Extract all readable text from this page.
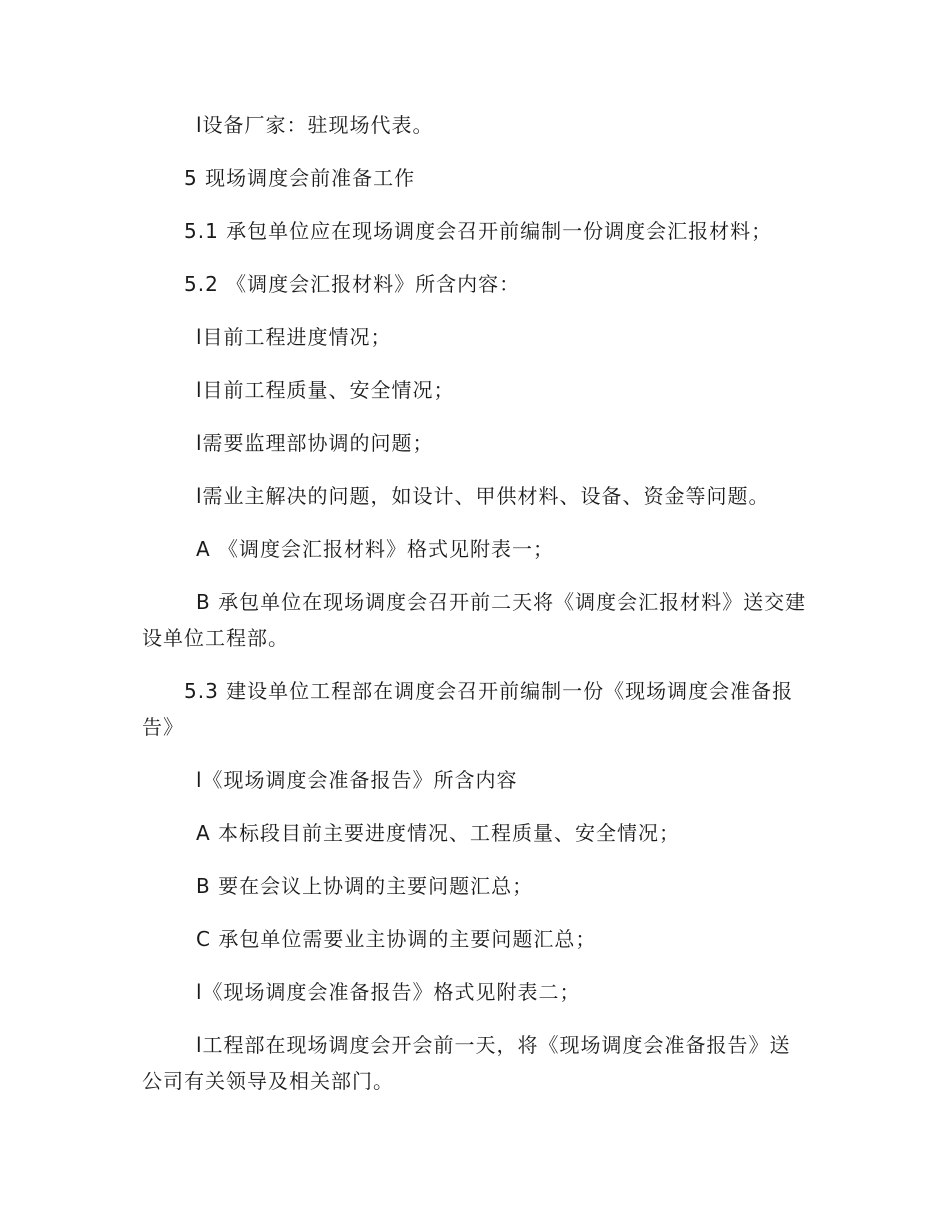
l设备厂家：驻现场代表。
5 现场调度会前准备工作
5.1 承包单位应在现场调度会召开前编制一份调度会汇报材料；
5.2 《调度会汇报材料》所含内容：
l目前工程进度情况；
l目前工程质量、安全情况；
l需要监理部协调的问题；
l需业主解决的问题，如设计、甲供材料、设备、资金等问题。
A 《调度会汇报材料》格式见附表一；
B 承包单位在现场调度会召开前二天将《调度会汇报材料》送交建设单位工程部。
5.3 建设单位工程部在调度会召开前编制一份《现场调度会准备报告》
l《现场调度会准备报告》所含内容
A 本标段目前主要进度情况、工程质量、安全情况；
B 要在会议上协调的主要问题汇总；
C 承包单位需要业主协调的主要问题汇总；
l《现场调度会准备报告》格式见附表二；
l工程部在现场调度会开会前一天，将《现场调度会准备报告》送公司有关领导及相关部门。
